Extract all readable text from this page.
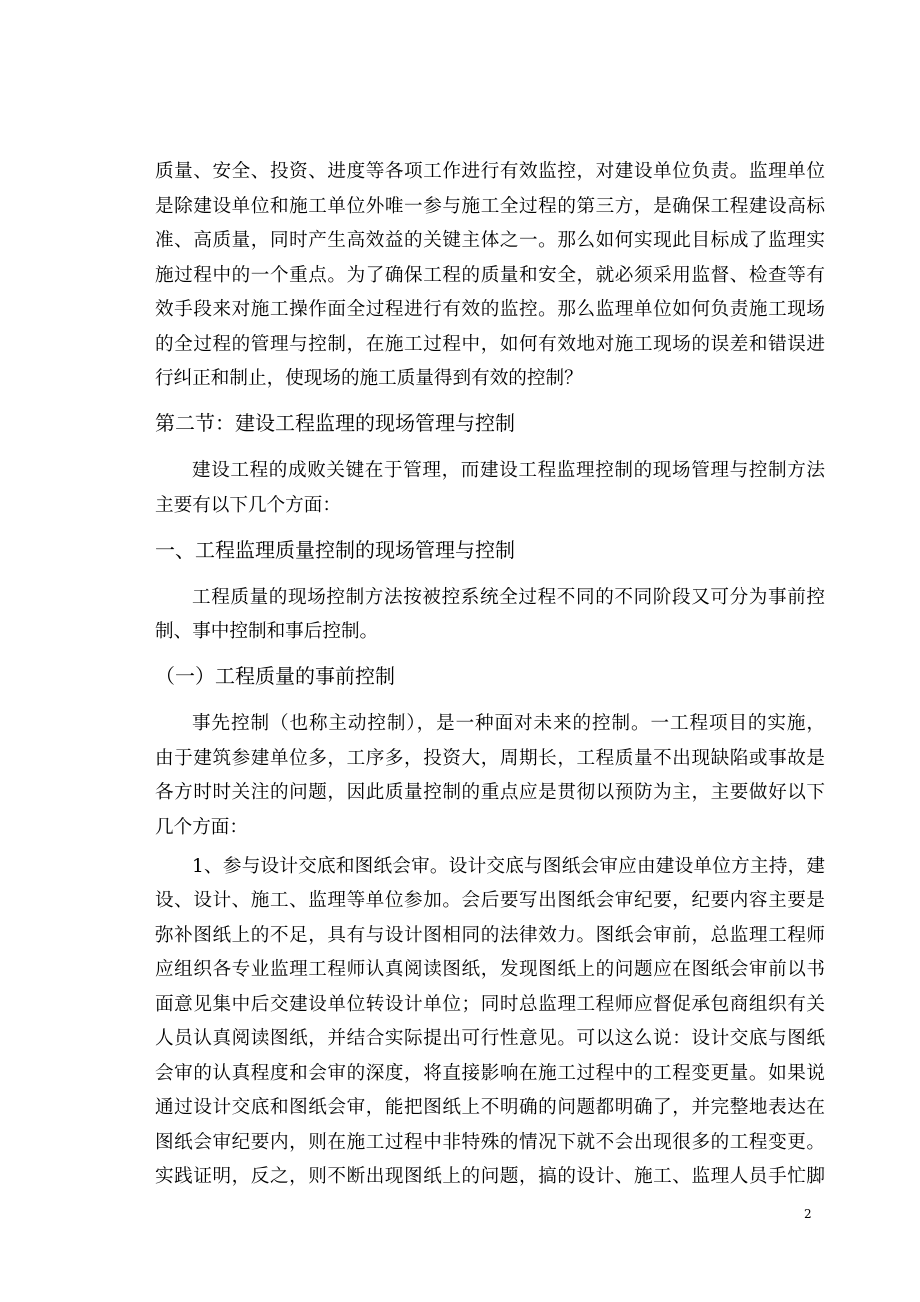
质量、安全、投资、进度等各项工作进行有效监控，对建设单位负责。监理单位
是除建设单位和施工单位外唯一参与施工全过程的第三方，是确保工程建设高标
准、高质量，同时产生高效益的关键主体之一。那么如何实现此目标成了监理实
施过程中的一个重点。为了确保工程的质量和安全，就必须采用监督、检查等有
效手段来对施工操作面全过程进行有效的监控。那么监理单位如何负责施工现场
的全过程的管理与控制，在施工过程中，如何有效地对施工现场的误差和错误进
行纠正和制止，使现场的施工质量得到有效的控制？
第二节：建设工程监理的现场管理与控制
建设工程的成败关键在于管理，而建设工程监理控制的现场管理与控制方法
主要有以下几个方面：
一、工程监理质量控制的现场管理与控制
工程质量的现场控制方法按被控系统全过程不同的不同阶段又可分为事前控
制、事中控制和事后控制。
（一）工程质量的事前控制
事先控制（也称主动控制），是一种面对未来的控制。一工程项目的实施，
由于建筑参建单位多，工序多，投资大，周期长，工程质量不出现缺陷或事故是
各方时时关注的问题，因此质量控制的重点应是贯彻以预防为主，主要做好以下
几个方面：
1、参与设计交底和图纸会审。设计交底与图纸会审应由建设单位方主持，建
设、设计、施工、监理等单位参加。会后要写出图纸会审纪要，纪要内容主要是
弥补图纸上的不足，具有与设计图相同的法律效力。图纸会审前，总监理工程师
应组织各专业监理工程师认真阅读图纸，发现图纸上的问题应在图纸会审前以书
面意见集中后交建设单位转设计单位；同时总监理工程师应督促承包商组织有关
人员认真阅读图纸，并结合实际提出可行性意见。可以这么说：设计交底与图纸
会审的认真程度和会审的深度，将直接影响在施工过程中的工程变更量。如果说
通过设计交底和图纸会审，能把图纸上不明确的问题都明确了，并完整地表达在
图纸会审纪要内，则在施工过程中非特殊的情况下就不会出现很多的工程变更。
实践证明，反之，则不断出现图纸上的问题，搞的设计、施工、监理人员手忙脚
2
